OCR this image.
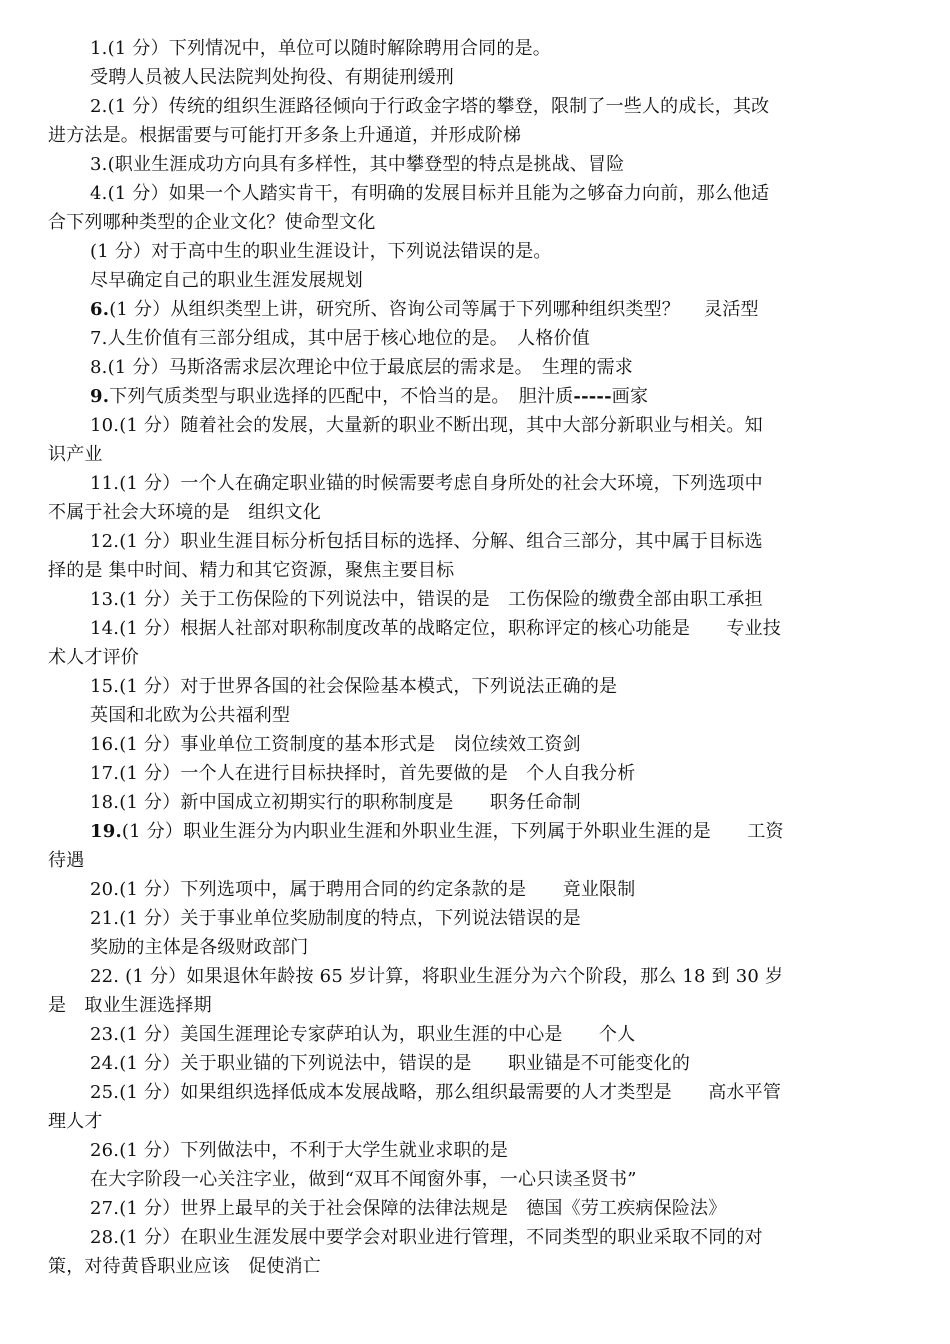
1.(1 分）下列情况中，单位可以随时解除聘用合同的是。
受聘人员被人民法院判处拘役、有期徒刑缓刑
2.(1 分）传统的组织生涯路径倾向于行政金字塔的攀登，限制了一些人的成长，其改
进方法是。根据雷要与可能打开多条上升通道，并形成阶梯
3.(职业生涯成功方向具有多样性，其中攀登型的特点是挑战、冒险
4.(1 分）如果一个人踏实肯干，有明确的发展目标并且能为之够奋力向前，那么他适
合下列哪种类型的企业文化？使命型文化
(1 分）对于高中生的职业生涯设计，下列说法错误的是。
尽早确定自己的职业生涯发展规划
6.(1 分）从组织类型上讲，研究所、咨询公司等属于下列哪种组织类型？　 灵活型
7.人生价值有三部分组成，其中居于核心地位的是。　人格价值
8.(1 分）马斯洛需求层次理论中位于最底层的需求是。　生理的需求
9.下列气质类型与职业选择的匹配中，不恰当的是。　胆汁质-----画家
10.(1 分）随着社会的发展，大量新的职业不断出现，其中大部分新职业与相关。知
识产业
11.(1 分）一个人在确定职业锚的时候需要考虑自身所处的社会大环境，下列选项中
不属于社会大环境的是　组织文化
12.(1 分）职业生涯目标分析包括目标的选择、分解、组合三部分，其中属于目标选
择的是 集中时间、精力和其它资源，聚焦主要目标
13.(1 分）关于工伤保险的下列说法中，错误的是　工伤保险的缴费全部由职工承担
14.(1 分）根据人社部对职称制度改革的战略定位，职称评定的核心功能是　　专业技
术人才评价
15.(1 分）对于世界各国的社会保险基本模式，下列说法正确的是
英国和北欧为公共福利型
16.(1 分）事业单位工资制度的基本形式是　岗位续效工资剑
17.(1 分）一个人在进行目标抉择时，首先要做的是　个人自我分析
18.(1 分）新中国成立初期实行的职称制度是　　职务任命制
19.(1 分）职业生涯分为内职业生涯和外职业生涯，下列属于外职业生涯的是　　工资
待遇
20.(1 分）下列选项中，属于聘用合同的约定条款的是　　竟业限制
21.(1 分）关于事业单位奖励制度的特点，下列说法错误的是
奖励的主体是各级财政部门
22. (1 分）如果退休年龄按 65 岁计算，将职业生涯分为六个阶段，那么 18 到 30 岁
是　取业生涯选择期
23.(1 分）美国生涯理论专家萨珀认为，职业生涯的中心是　　个人
24.(1 分）关于职业锚的下列说法中，错误的是　　职业锚是不可能变化的
25.(1 分）如果组织选择低成本发展战略，那么组织最需要的人才类型是　　高水平管
理人才
26.(1 分）下列做法中，不利于大学生就业求职的是
在大字阶段一心关注字业，做到“双耳不闻窗外事，一心只读圣贤书”
27.(1 分）世界上最早的关于社会保障的法律法规是　德国《劳工疾病保险法》
28.(1 分）在职业生涯发展中要学会对职业进行管理，不同类型的职业采取不同的对
策，对待黄昏职业应该　促使消亡
